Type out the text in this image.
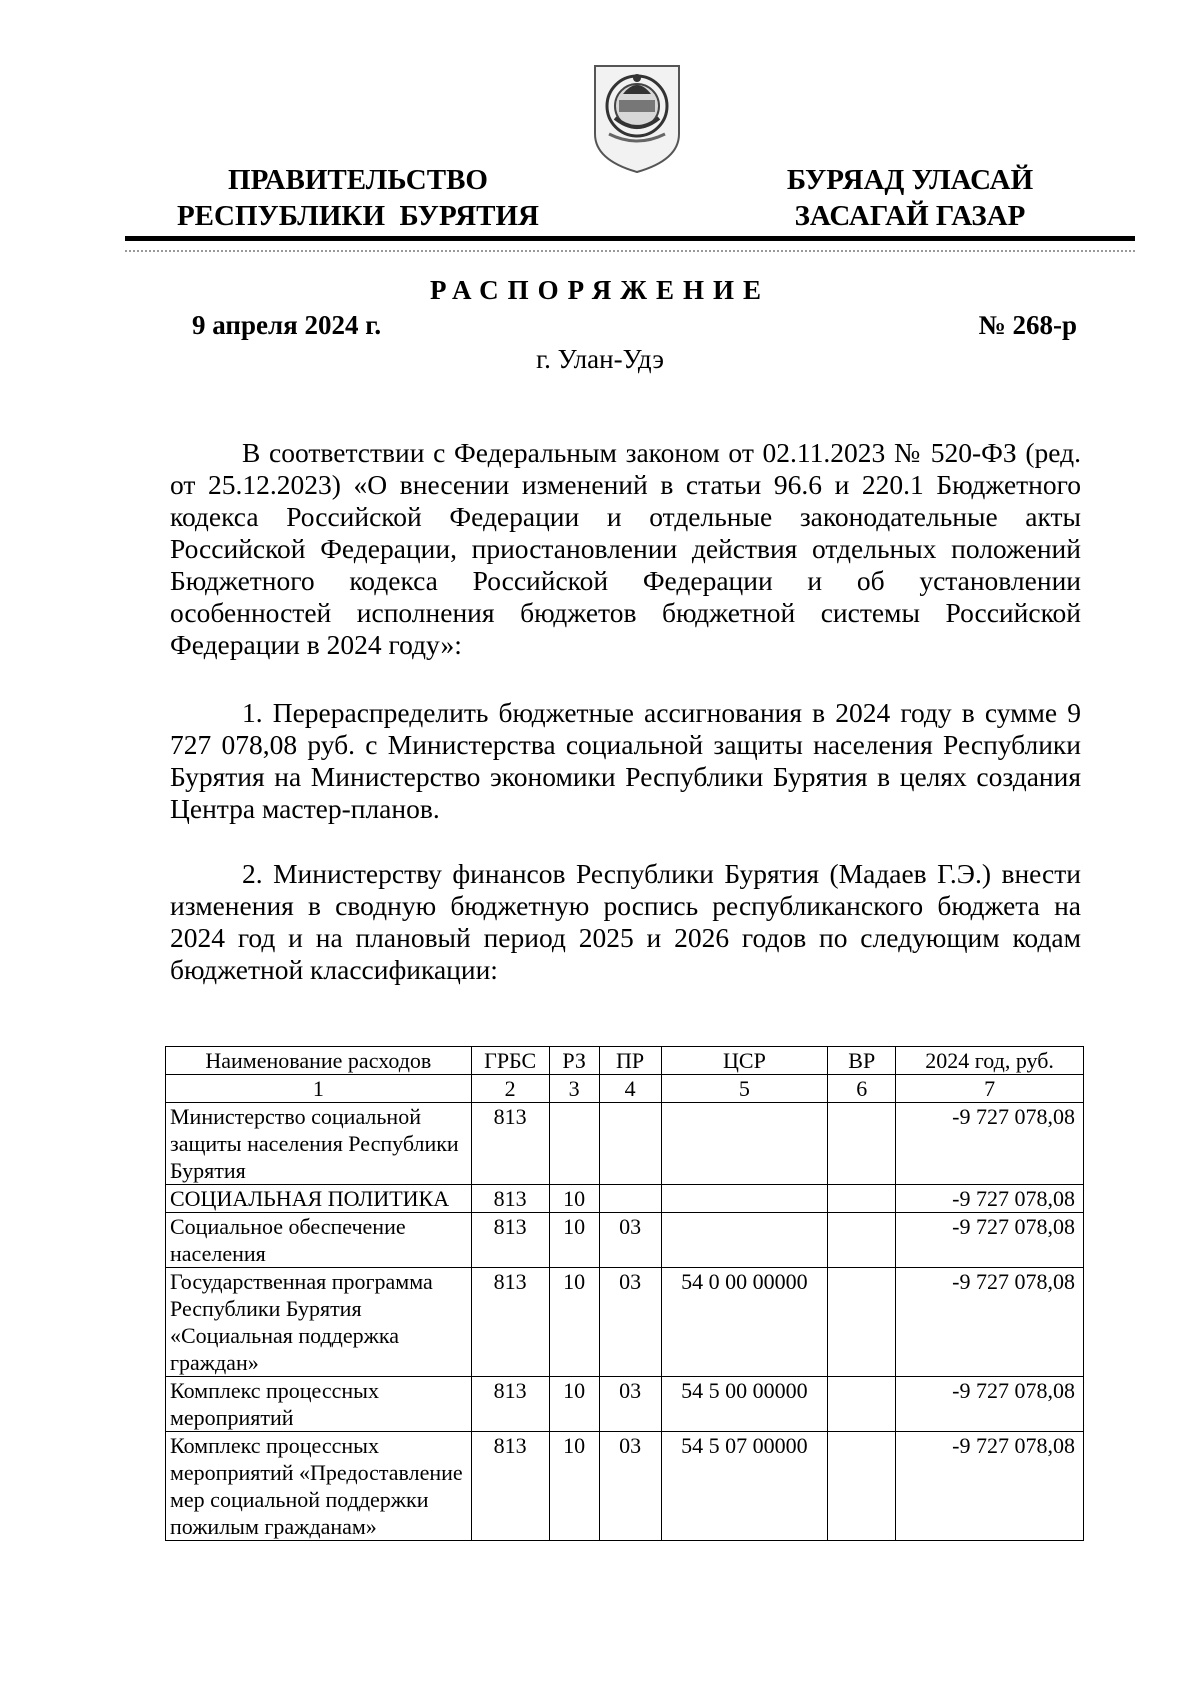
ПРАВИТЕЛЬСТВО
РЕСПУБЛИКИ  БУРЯТИЯ
БУРЯАД УЛАСАЙ
ЗАСАГАЙ ГАЗАР
РАСПОРЯЖЕНИЕ
9 апреля 2024 г.	№ 268-р
г. Улан-Удэ

В соответствии с Федеральным законом от 02.11.2023 № 520-ФЗ (ред. от 25.12.2023) «О внесении изменений в статьи 96.6 и 220.1 Бюджетного кодекса Российской Федерации и отдельные законодательные акты Российской Федерации, приостановлении действия отдельных положений Бюджетного кодекса Российской Федерации и об установлении особенностей исполнения бюджетов бюджетной системы Российской Федерации в 2024 году»:

1. Перераспределить бюджетные ассигнования в 2024 году в сумме 9 727 078,08 руб. с Министерства социальной защиты населения Республики Бурятия на Министерство экономики Республики Бурятия в целях создания Центра мастер-планов.

2. Министерству финансов Республики Бурятия (Мадаев Г.Э.) внести изменения в сводную бюджетную роспись республиканского бюджета на 2024 год и на плановый период 2025 и 2026 годов по следующим кодам бюджетной классификации:

Наименование расходов	ГРБС	РЗ	ПР	ЦСР	ВР	2024 год, руб.
1	2	3	4	5	6	7
Министерство социальной защиты населения Республики Бурятия	813					-9 727 078,08
СОЦИАЛЬНАЯ ПОЛИТИКА	813	10				-9 727 078,08
Социальное обеспечение населения	813	10	03			-9 727 078,08
Государственная программа Республики Бурятия «Социальная поддержка граждан»	813	10	03	54 0 00 00000		-9 727 078,08
Комплекс процессных мероприятий	813	10	03	54 5 00 00000		-9 727 078,08
Комплекс процессных мероприятий «Предоставление мер социальной поддержки пожилым гражданам»	813	10	03	54 5 07 00000		-9 727 078,08
